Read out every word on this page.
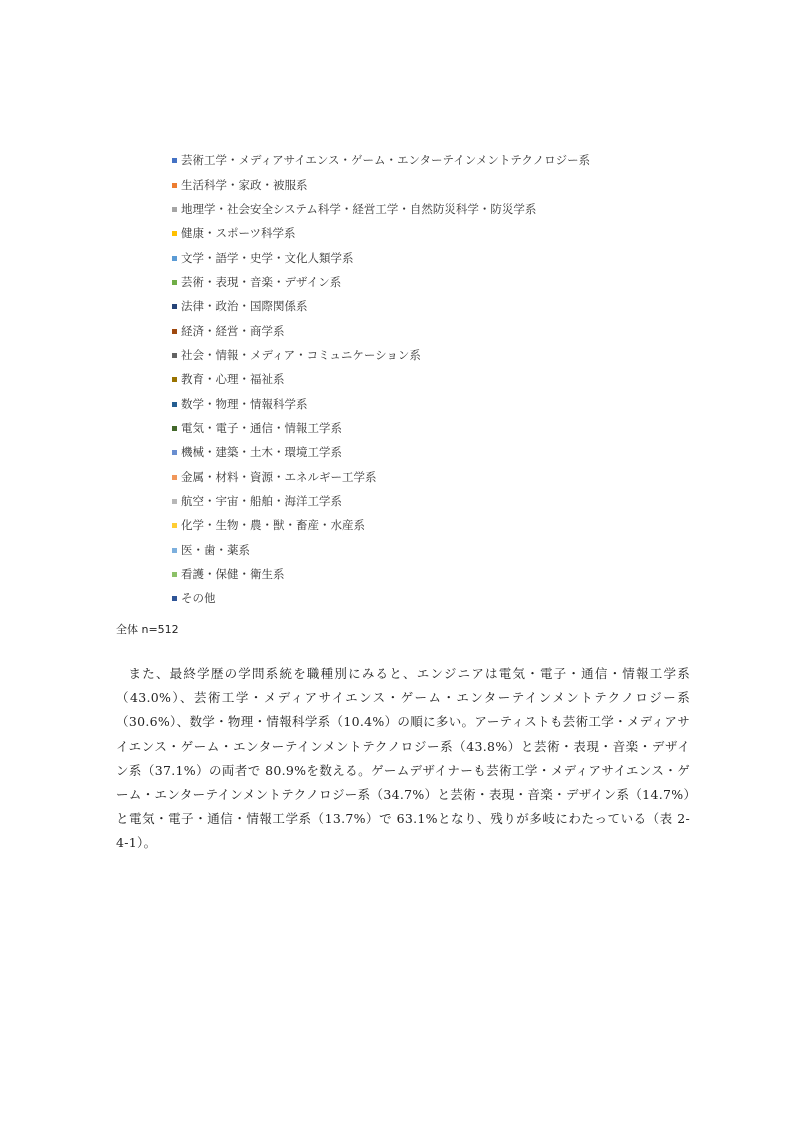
芸術工学・メディアサイエンス・ゲーム・エンターテインメントテクノロジー系
生活科学・家政・被服系
地理学・社会安全システム科学・経営工学・自然防災科学・防災学系
健康・スポーツ科学系
文学・語学・史学・文化人類学系
芸術・表現・音楽・デザイン系
法律・政治・国際関係系
経済・経営・商学系
社会・情報・メディア・コミュニケーション系
教育・心理・福祉系
数学・物理・情報科学系
電気・電子・通信・情報工学系
機械・建築・土木・環境工学系
金属・材料・資源・エネルギー工学系
航空・宇宙・船舶・海洋工学系
化学・生物・農・獣・畜産・水産系
医・歯・薬系
看護・保健・衛生系
その他
全体 n=512

また、最終学歴の学問系統を職種別にみると、エンジニアは電気・電子・通信・情報工学系（43.0%）、芸術工学・メディアサイエンス・ゲーム・エンターテインメントテクノロジー系（30.6%）、数学・物理・情報科学系（10.4%）の順に多い。アーティストも芸術工学・メディアサイエンス・ゲーム・エンターテインメントテクノロジー系（43.8%）と芸術・表現・音楽・デザイン系（37.1%）の両者で 80.9%を数える。ゲームデザイナーも芸術工学・メディアサイエンス・ゲーム・エンターテインメントテクノロジー系（34.7%）と芸術・表現・音楽・デザイン系（14.7%）と電気・電子・通信・情報工学系（13.7%）で 63.1%となり、残りが多岐にわたっている（表 2-4-1）。
